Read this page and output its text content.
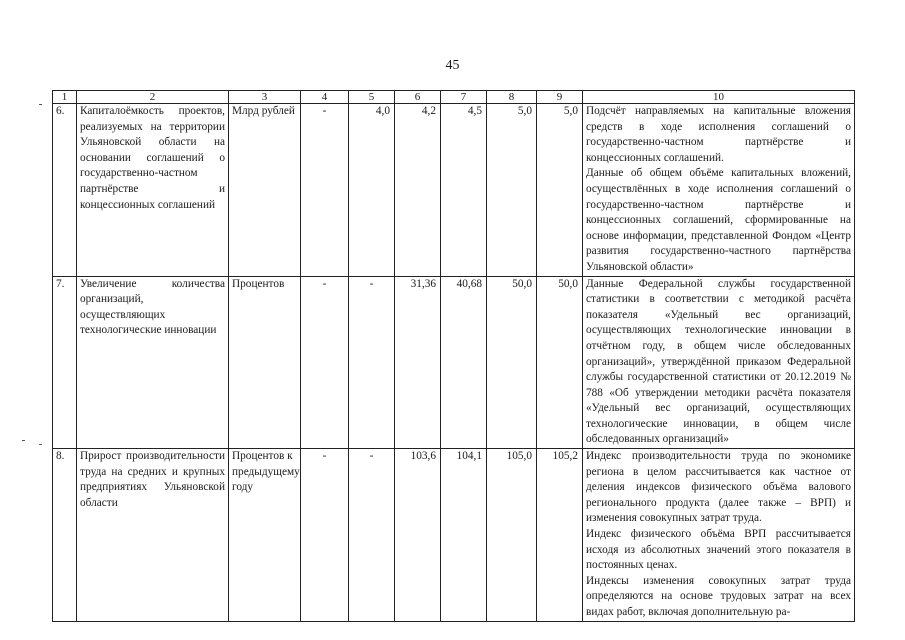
45
1	2	3	4	5	6	7	8	9	10
6.	Капиталоёмкость проектов, реализуемых на территории Ульяновской области на основании соглашений о государственно-частном партнёрстве и концессионных соглашений	Млрд рублей	-	4,0	4,2	4,5	5,0	5,0	Подсчёт направляемых на капитальные вложения средств в ходе исполнения соглашений о государственно-частном партнёрстве и концессионных соглашений.
Данные об общем объёме капитальных вложений, осуществлённых в ходе исполнения соглашений о государственно-частном партнёрстве и концессионных соглашений, сформированные на основе информации, представленной Фондом «Центр развития государственно-частного партнёрства Ульяновской области»

7.	Увеличение количества организаций, осуществляющих технологические инновации	Процентов	-	-	31,36	40,68	50,0	50,0	Данные Федеральной службы государственной статистики в соответствии с методикой расчёта показателя «Удельный вес организаций, осуществляющих технологические инновации в отчётном году, в общем числе обследованных организаций», утверждённой приказом Федеральной службы государственной статистики от 20.12.2019 № 788 «Об утверждении методики расчёта показателя «Удельный вес организаций, осуществляющих технологические инновации, в общем числе обследованных организаций»

8.	Прирост производительности труда на средних и крупных предприятиях Ульяновской области	Процентов к предыдущему году	-	-	103,6	104,1	105,0	105,2	Индекс производительности труда по экономике региона в целом рассчитывается как частное от деления индексов физического объёма валового регионального продукта (далее также – ВРП) и изменения совокупных затрат труда.
Индекс физического объёма ВРП рассчитывается исходя из абсолютных значений этого показателя в постоянных ценах.
Индексы изменения совокупных затрат труда определяются на основе трудовых затрат на всех видах работ, включая дополнительную ра-
